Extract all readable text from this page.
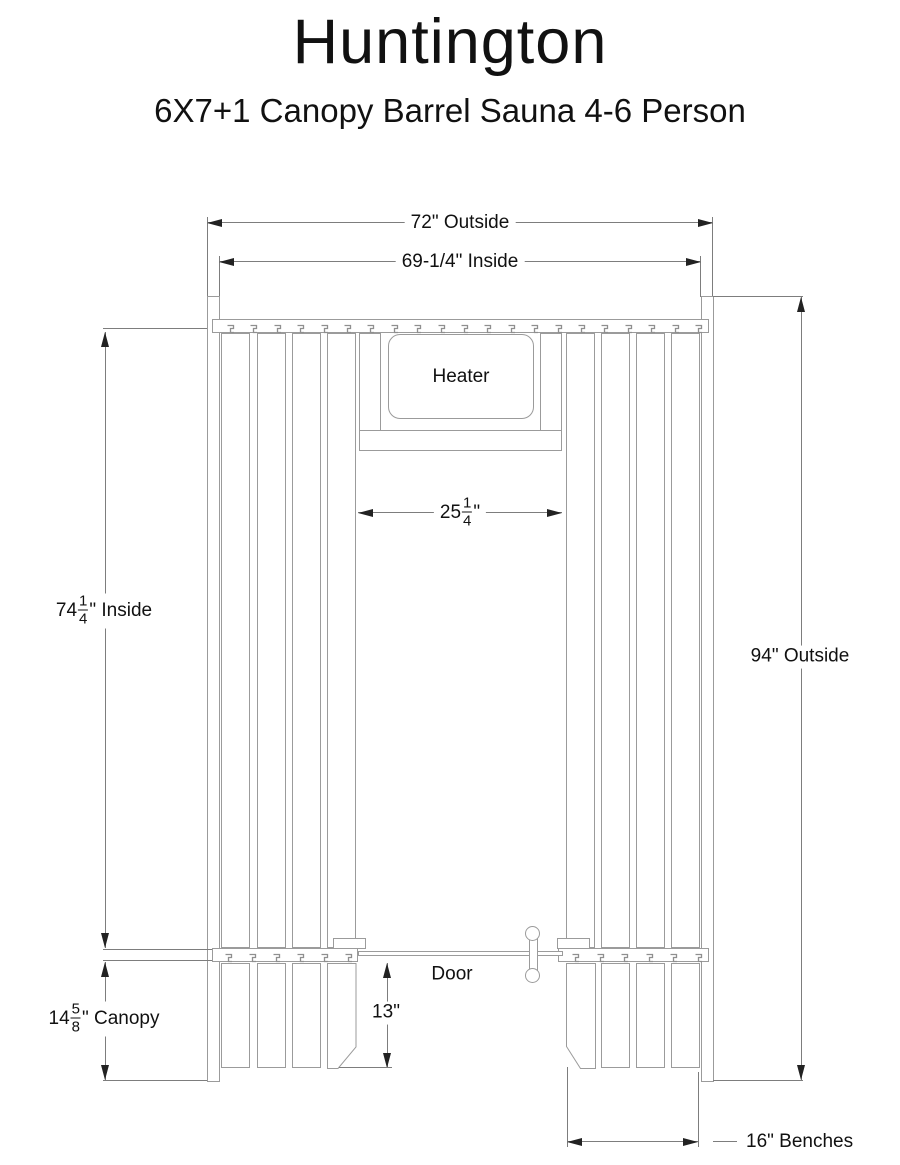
Huntington
6X7+1 Canopy Barrel Sauna 4-6 Person
72" Outside
69-1/4" Inside
Heater
$25 \frac{1}{4}$ "
$74 \frac{1}{4}$ " Inside
94" Outside
Door
13"
$14 \frac{5}{8}$ " Canopy
16" Benches
